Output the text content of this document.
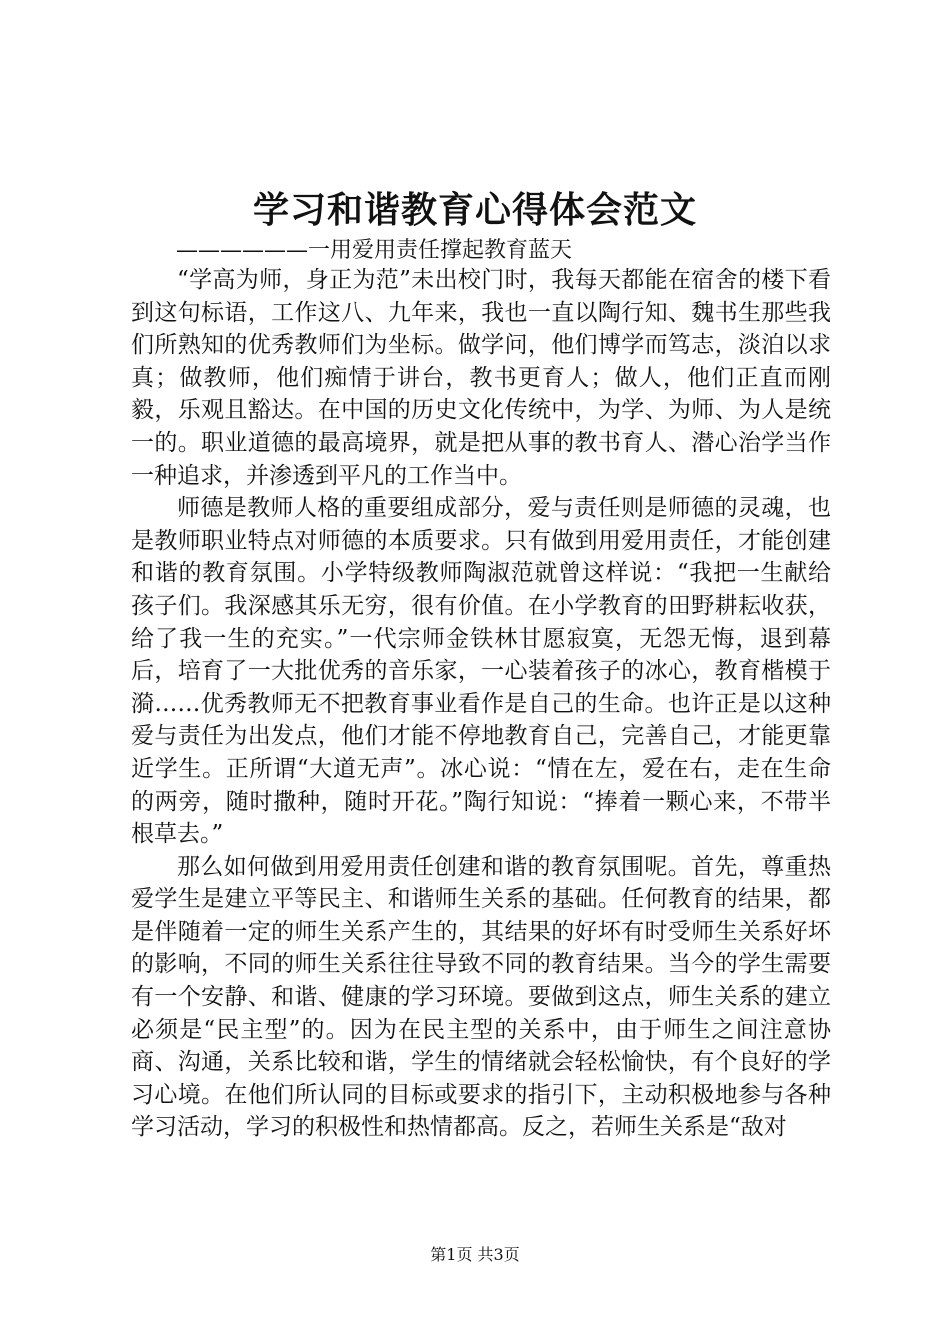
学习和谐教育心得体会范文

——————一用爱用责任撑起教育蓝天

“学高为师，身正为范”未出校门时，我每天都能在宿舍的楼下看到这句标语，工作这八、九年来，我也一直以陶行知、魏书生那些我们所熟知的优秀教师们为坐标。做学问，他们博学而笃志，淡泊以求真；做教师，他们痴情于讲台，教书更育人；做人，他们正直而刚毅，乐观且豁达。在中国的历史文化传统中，为学、为师、为人是统一的。职业道德的最高境界，就是把从事的教书育人、潜心治学当作一种追求，并渗透到平凡的工作当中。

师德是教师人格的重要组成部分，爱与责任则是师德的灵魂，也是教师职业特点对师德的本质要求。只有做到用爱用责任，才能创建和谐的教育氛围。小学特级教师陶淑范就曾这样说：“我把一生献给孩子们。我深感其乐无穷，很有价值。在小学教育的田野耕耘收获，给了我一生的充实。”一代宗师金铁林甘愿寂寞，无怨无悔，退到幕后，培育了一大批优秀的音乐家，一心装着孩子的冰心，教育楷模于漪……优秀教师无不把教育事业看作是自己的生命。也许正是以这种爱与责任为出发点，他们才能不停地教育自己，完善自己，才能更靠近学生。正所谓“大道无声”。冰心说：“情在左，爱在右，走在生命的两旁，随时撒种，随时开花。”陶行知说：“捧着一颗心来，不带半根草去。”

那么如何做到用爱用责任创建和谐的教育氛围呢。首先，尊重热爱学生是建立平等民主、和谐师生关系的基础。任何教育的结果，都是伴随着一定的师生关系产生的，其结果的好坏有时受师生关系好坏的影响，不同的师生关系往往导致不同的教育结果。当今的学生需要有一个安静、和谐、健康的学习环境。要做到这点，师生关系的建立必须是“民主型”的。因为在民主型的关系中，由于师生之间注意协商、沟通，关系比较和谐，学生的情绪就会轻松愉快，有个良好的学习心境。在他们所认同的目标或要求的指引下，主动积极地参与各种学习活动，学习的积极性和热情都高。反之，若师生关系是“敌对

第1页 共3页
